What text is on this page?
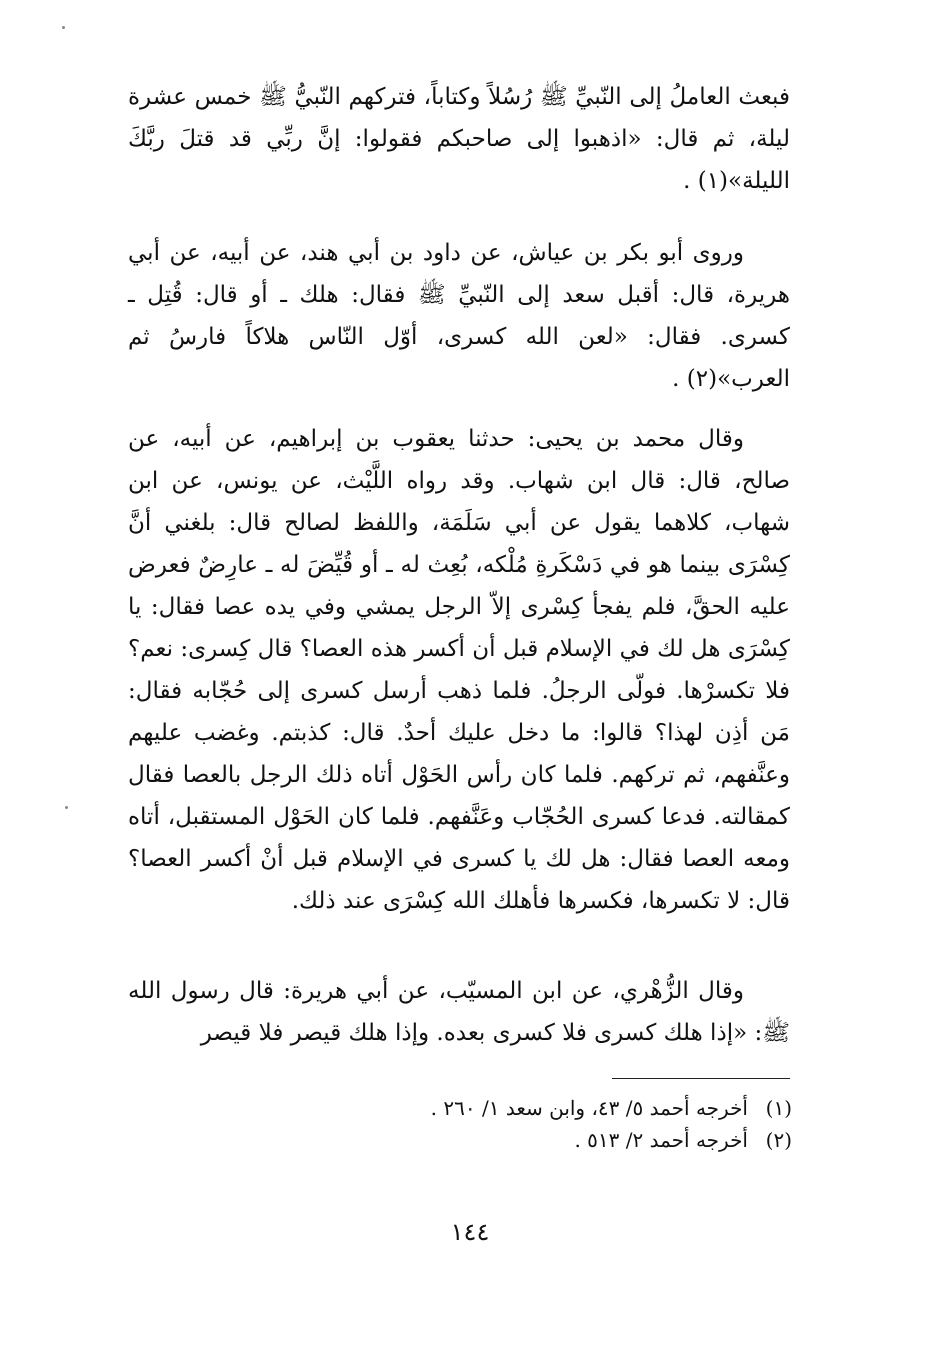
فبعث العاملُ إلى النّبيِّ ﷺ رُسُلاً وكتاباً، فتركهم النّبيُّ ﷺ خمس عشرة ليلة، ثم قال: «اذهبوا إلى صاحبكم فقولوا: إنَّ ربِّي قد قتلَ ربَّكَ الليلة»(١) .

وروى أبو بكر بن عياش، عن داود بن أبي هند، عن أبيه، عن أبي هريرة، قال: أقبل سعد إلى النّبيِّ ﷺ فقال: هلك ـ أو قال: قُتِل ـ كسرى. فقال: «لعن الله كسرى، أوّل النّاس هلاكاً فارسُ ثم العرب»(٢) .

وقال محمد بن يحيى: حدثنا يعقوب بن إبراهيم، عن أبيه، عن صالح، قال: قال ابن شهاب. وقد رواه اللَّيْث، عن يونس، عن ابن شهاب، كلاهما يقول عن أبي سَلَمَة، واللفظ لصالح قال: بلغني أنَّ كِسْرَى بينما هو في دَسْكَرةِ مُلْكه، بُعِث له ـ أو قُيِّضَ له ـ عارِضٌ فعرض عليه الحقَّ، فلم يفجأ كِسْرى إلاّ الرجل يمشي وفي يده عصا فقال: يا كِسْرَى هل لك في الإسلام قبل أن أكسر هذه العصا؟ قال كِسرى: نعم؟ فلا تكسرْها. فولّى الرجلُ. فلما ذهب أرسل كسرى إلى حُجّابه فقال: مَن أذِن لهذا؟ قالوا: ما دخل عليك أحدٌ. قال: كذبتم. وغضب عليهم وعنَّفهم، ثم تركهم. فلما كان رأس الحَوْل أتاه ذلك الرجل بالعصا فقال كمقالته. فدعا كسرى الحُجّاب وعَنَّفهم. فلما كان الحَوْل المستقبل، أتاه ومعه العصا فقال: هل لك يا كسرى في الإسلام قبل أنْ أكسر العصا؟ قال: لا تكسرها، فكسرها فأهلك الله كِسْرَى عند ذلك.

وقال الزُّهْري، عن ابن المسيّب، عن أبي هريرة: قال رسول الله ﷺ: «إذا هلك كسرى فلا كسرى بعده. وإذا هلك قيصر فلا قيصر

(١)أخرجه أحمد ٥/ ٤٣، وابن سعد ١/ ٢٦٠ .
(٢)أخرجه أحمد ٢/ ٥١٣ .
١٤٤
